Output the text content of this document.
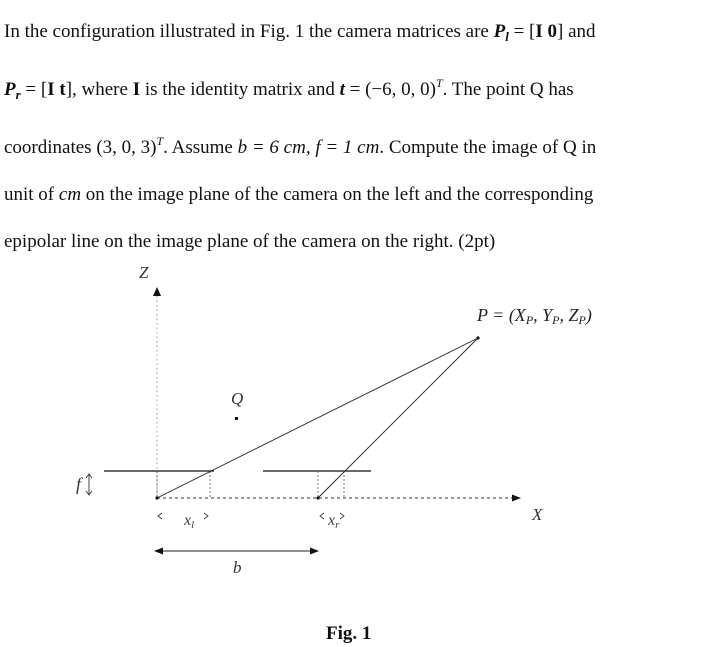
In the configuration illustrated in Fig. 1 the camera matrices are $P_l = [I$ 0] and

$P_r = [I$ t], where I is the identity matrix and t = (−6, 0, 0)$^T$. The point Q has

coordinates (3, 0, 3)$^T$. Assume b = 6 cm, f = 1 cm. Compute the image of Q in

unit of cm on the image plane of the camera on the left and the corresponding

epipolar line on the image plane of the camera on the right. (2pt)

Z
X
P = (XP, YP, ZP)
Q
f
xl	xr
b
Fig. 1
